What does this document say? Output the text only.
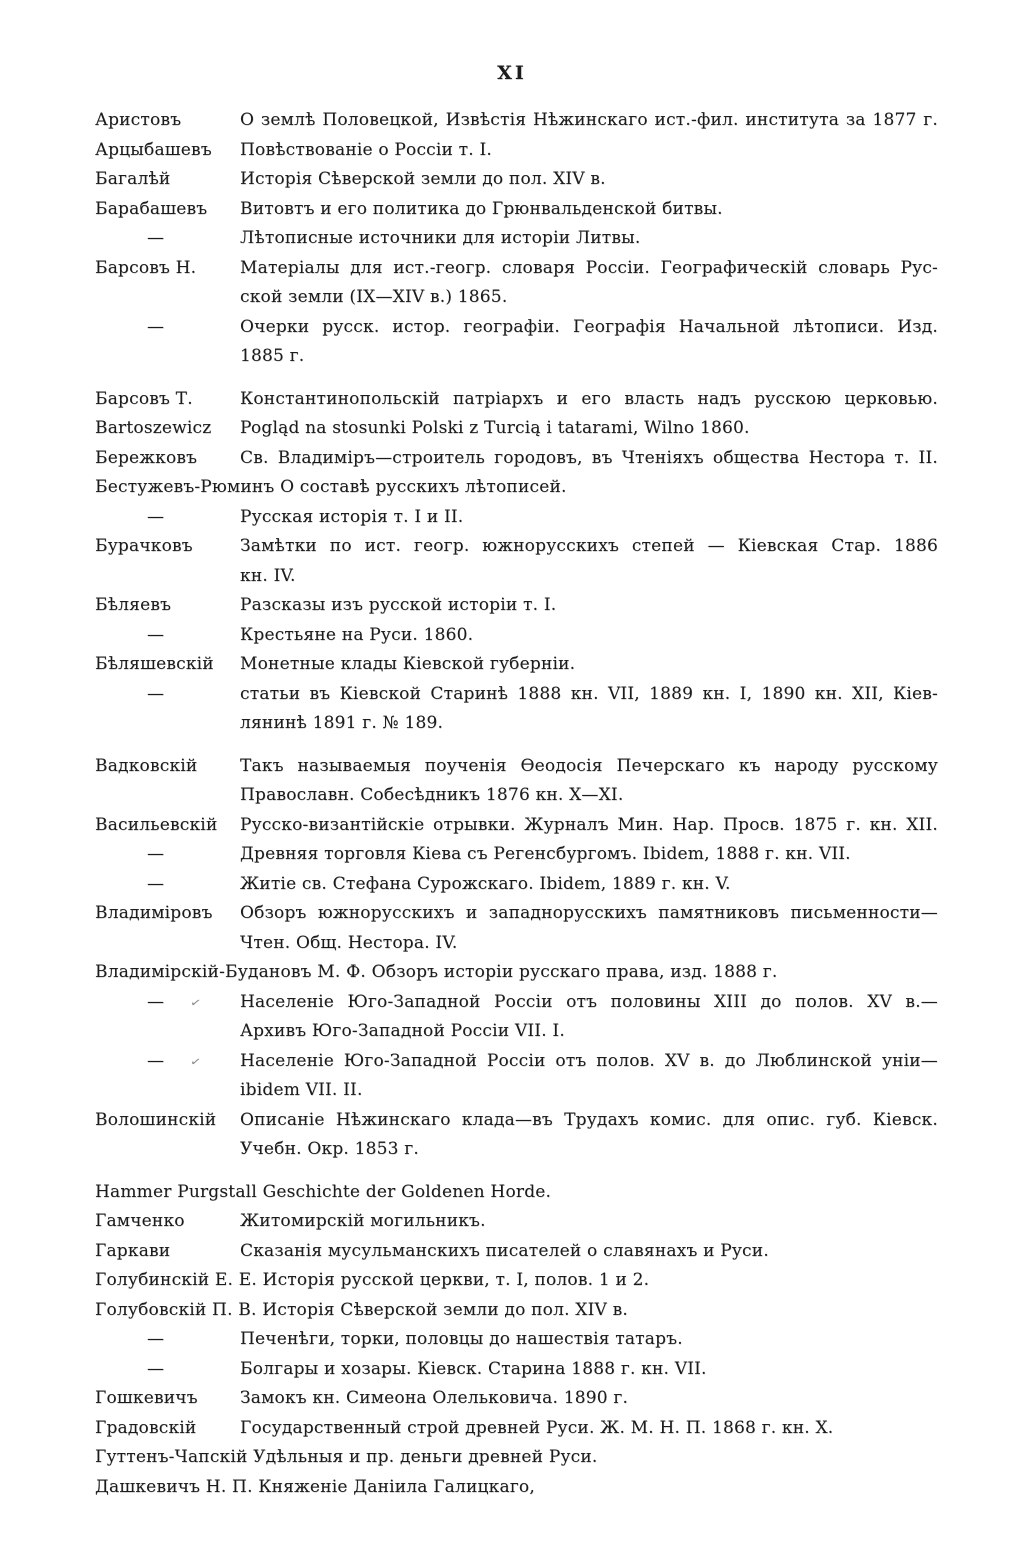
XI
Аристовъ	О землѣ Половецкой, Извѣстія Нѣжинскаго ист.-фил. института за 1877 г.
Арцыбашевъ	Повѣствованіе о Россіи т. I.
Багалѣй	Исторія Сѣверской земли до пол. XIV в.
Барабашевъ	Витовтъ и его политика до Грюнвальденской битвы.
—	Лѣтописные источники для исторіи Литвы.
Барсовъ Н.	Матеріалы для ист.-геогр. словаря Россіи. Географическій словарь Рус-
ской земли (IX—XIV в.) 1865.
—	Очерки русск. истор. географіи. Географія Начальной лѣтописи. Изд.
1885 г.
Барсовъ Т.	Константинопольскій патріархъ и его власть надъ русскою церковью.
Bartoszewicz	Pogląd na stosunki Polski z Turcią i tatarami, Wilno 1860.
Бережковъ	Св. Владиміръ—строитель городовъ, въ Чтеніяхъ общества Нестора т. II.
Бестужевъ-Рюминъ О составѣ русскихъ лѣтописей.
—	Русская исторія т. I и II.
Бурачковъ	Замѣтки по ист. геогр. южнорусскихъ степей — Кіевская Стар. 1886
кн. IV.
Бѣляевъ	Разсказы изъ русской исторіи т. I.
—	Крестьяне на Руси. 1860.
Бѣляшевскій	Монетные клады Кіевской губерніи.
—	статьи въ Кіевской Старинѣ 1888 кн. VII, 1889 кн. I, 1890 кн. XII, Кіев-
лянинѣ 1891 г. № 189.
Вадковскій	Такъ называемыя поученія Ѳеодосія Печерскаго къ народу русскому
Православн. Собесѣдникъ 1876 кн. X—XI.
Васильевскій	Русско-византійскіе отрывки. Журналъ Мин. Нар. Просв. 1875 г. кн. XII.
—	Древняя торговля Кіева съ Регенсбургомъ. Ibidem, 1888 г. кн. VII.
—	Житіе св. Стефана Сурожскаго. Ibidem, 1889 г. кн. V.
Владиміровъ	Обзоръ южнорусскихъ и западнорусскихъ памятниковъ письменности—
Чтен. Общ. Нестора. IV.
Владимірскій-Будановъ М. Ф. Обзоръ исторіи русскаго права, изд. 1888 г.
— ✓	Населеніе Юго-Западной Россіи отъ половины XIII до полов. XV в.—
Архивъ Юго-Западной Россіи VII. I.
— ✓	Населеніе Юго-Западной Россіи отъ полов. XV в. до Люблинской уніи—
ibidem VII. II.
Волошинскій	Описаніе Нѣжинскаго клада—въ Трудахъ комис. для опис. губ. Кіевск.
Учебн. Окр. 1853 г.
Hammer Purgstall Geschichte der Goldenen Horde.
Гамченко	Житомирскій могильникъ.
Гаркави	Сказанія мусульманскихъ писателей о славянахъ и Руси.
Голубинскій Е. Е. Исторія русской церкви, т. I, полов. 1 и 2.
Голубовскій П. В. Исторія Сѣверской земли до пол. XIV в.
—	Печенѣги, торки, половцы до нашествія татаръ.
—	Болгары и хозары. Кіевск. Старина 1888 г. кн. VII.
Гошкевичъ	Замокъ кн. Симеона Олельковича. 1890 г.
Градовскій	Государственный строй древней Руси. Ж. М. Н. П. 1868 г. кн. X.
Гуттенъ-Чапскій Удѣльныя и пр. деньги древней Руси.
Дашкевичъ Н. П. Княженіе Даніила Галицкаго,
